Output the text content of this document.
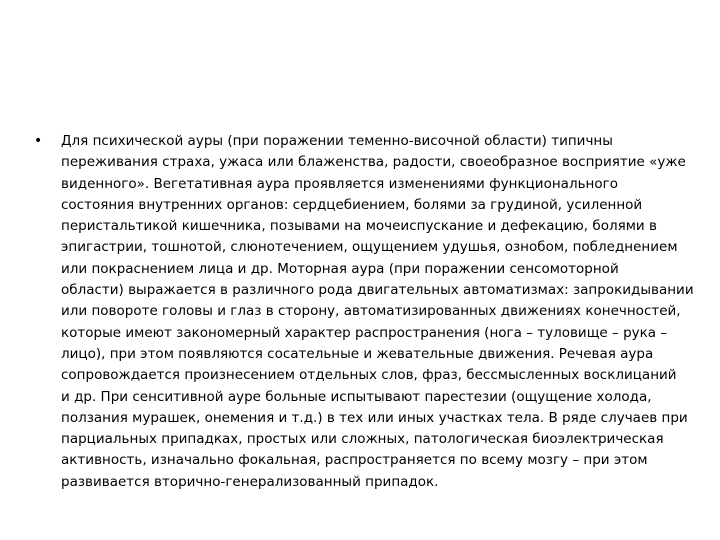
• Для психической ауры (при поражении теменно-височной области) типичны
переживания страха, ужаса или блаженства, радости, своеобразное восприятие «уже
виденного». Вегетативная аура проявляется изменениями функционального
состояния внутренних органов: сердцебиением, болями за грудиной, усиленной
перистальтикой кишечника, позывами на мочеиспускание и дефекацию, болями в
эпигастрии, тошнотой, слюнотечением, ощущением удушья, ознобом, побледнением
или покраснением лица и др. Моторная аура (при поражении сенсомоторной
области) выражается в различного рода двигательных автоматизмах: запрокидывании
или повороте головы и глаз в сторону, автоматизированных движениях конечностей,
которые имеют закономерный характер распространения (нога – туловище – рука –
лицо), при этом появляются сосательные и жевательные движения. Речевая аура
сопровождается произнесением отдельных слов, фраз, бессмысленных восклицаний
и др. При сенситивной ауре больные испытывают парестезии (ощущение холода,
ползания мурашек, онемения и т.д.) в тех или иных участках тела. В ряде случаев при
парциальных припадках, простых или сложных, патологическая биоэлектрическая
активность, изначально фокальная, распространяется по всему мозгу – при этом
развивается вторично-генерализованный припадок.
